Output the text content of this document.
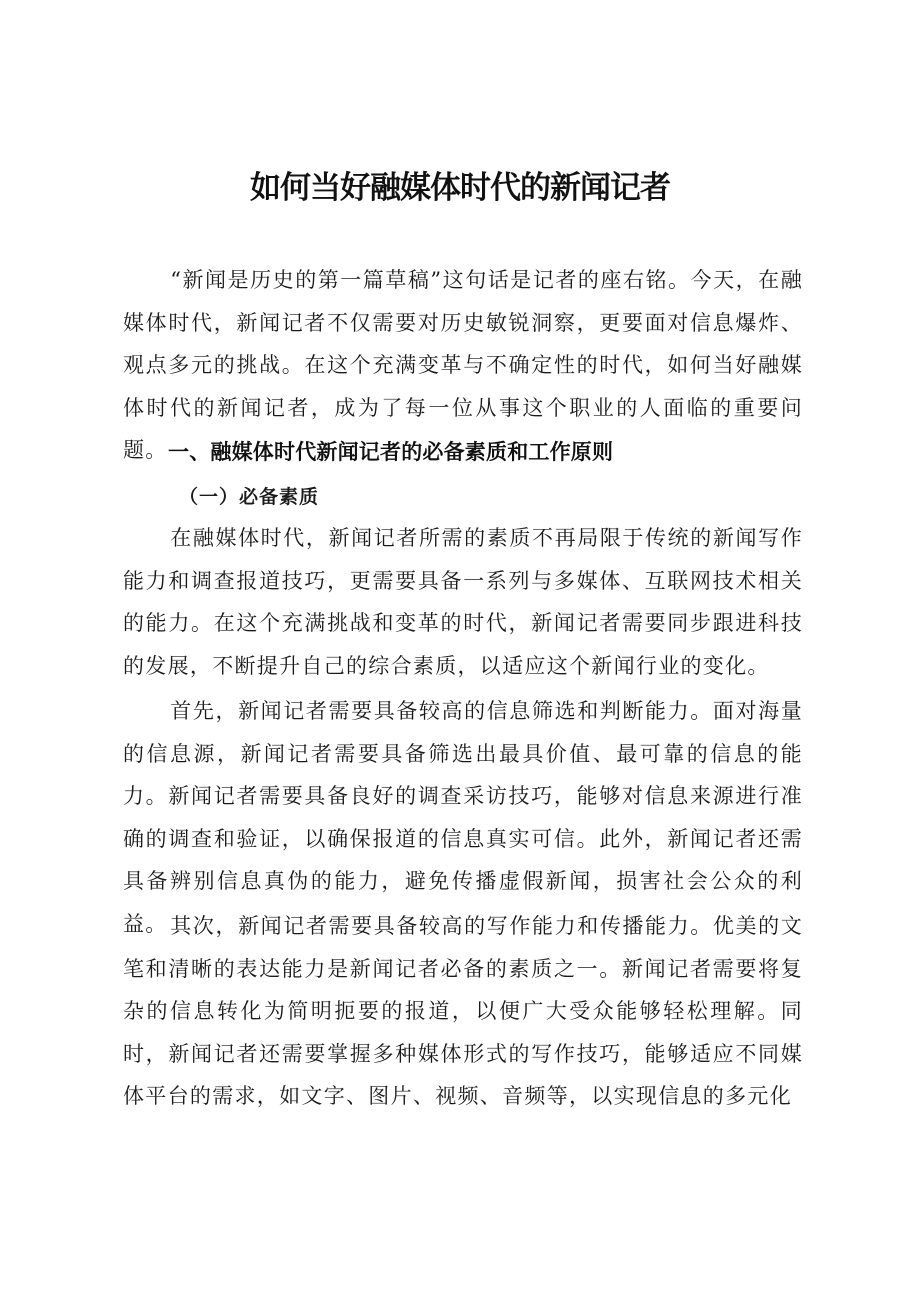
如何当好融媒体时代的新闻记者

“新闻是历史的第一篇草稿”这句话是记者的座右铭。今天，在融媒体时代，新闻记者不仅需要对历史敏锐洞察，更要面对信息爆炸、观点多元的挑战。在这个充满变革与不确定性的时代，如何当好融媒体时代的新闻记者，成为了每一位从事这个职业的人面临的重要问题。 一、融媒体时代新闻记者的必备素质和工作原则
（一）必备素质

在融媒体时代，新闻记者所需的素质不再局限于传统的新闻写作能力和调查报道技巧，更需要具备一系列与多媒体、互联网技术相关的能力。在这个充满挑战和变革的时代，新闻记者需要同步跟进科技的发展，不断提升自己的综合素质，以适应这个新闻行业的变化。

首先，新闻记者需要具备较高的信息筛选和判断能力。面对海量的信息源，新闻记者需要具备筛选出最具价值、最可靠的信息的能力。新闻记者需要具备良好的调查采访技巧，能够对信息来源进行准确的调查和验证，以确保报道的信息真实可信。此外，新闻记者还需具备辨别信息真伪的能力，避免传播虚假新闻，损害社会公众的利益。 其次，新闻记者需要具备较高的写作能力和传播能力。优美的文笔和清晰的表达能力是新闻记者必备的素质之一。新闻记者需要将复杂的信息转化为简明扼要的报道，以便广大受众能够轻松理解。同时，新闻记者还需要掌握多种媒体形式的写作技巧，能够适应不同媒体平台的需求，如文字、图片、视频、音频等，以实现信息的多元化
